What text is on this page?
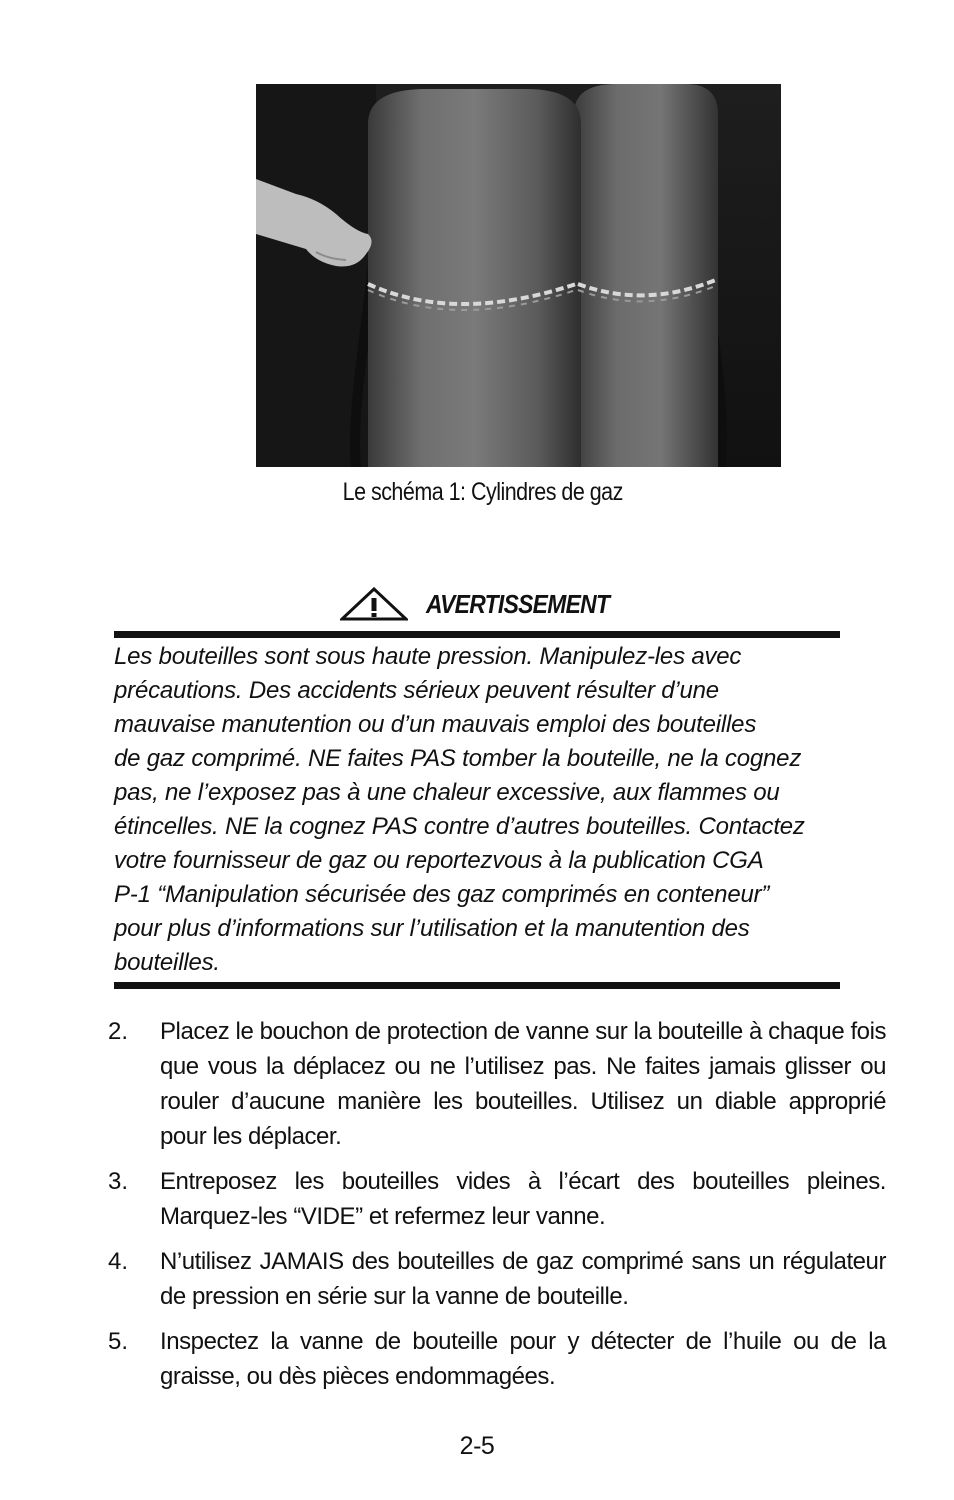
Le schéma 1: Cylindres de gaz
AVERTISSEMENT
Les bouteilles sont sous haute pression. Manipulez-les avec
précautions. Des accidents sérieux peuvent résulter d’une
mauvaise manutention ou d’un mauvais emploi des bouteilles
de gaz comprimé. NE faites PAS tomber la bouteille, ne la cognez
pas, ne l’exposez pas à une chaleur excessive, aux flammes ou
étincelles. NE la cognez PAS contre d’autres bouteilles. Contactez
votre fournisseur de gaz ou reportezvous à la publication CGA
P-1 “Manipulation sécurisée des gaz comprimés en conteneur”
pour plus d’informations sur l’utilisation et la manutention des
bouteilles.
2.	Placez le bouchon de protection de vanne sur la bouteille à chaque fois que vous la déplacez ou ne l’utilisez pas. Ne faites jamais glisser ou rouler d’aucune manière les bouteilles. Utilisez un diable approprié pour les déplacer.
3.	Entreposez les bouteilles vides à l’écart des bouteilles pleines. Marquez-les “VIDE” et refermez leur vanne.
4.	N’utilisez JAMAIS des bouteilles de gaz comprimé sans un régulateur de pression en série sur la vanne de bouteille.
5.	Inspectez la vanne de bouteille pour y détecter de l’huile ou de la graisse, ou dès pièces endommagées.
2-5
